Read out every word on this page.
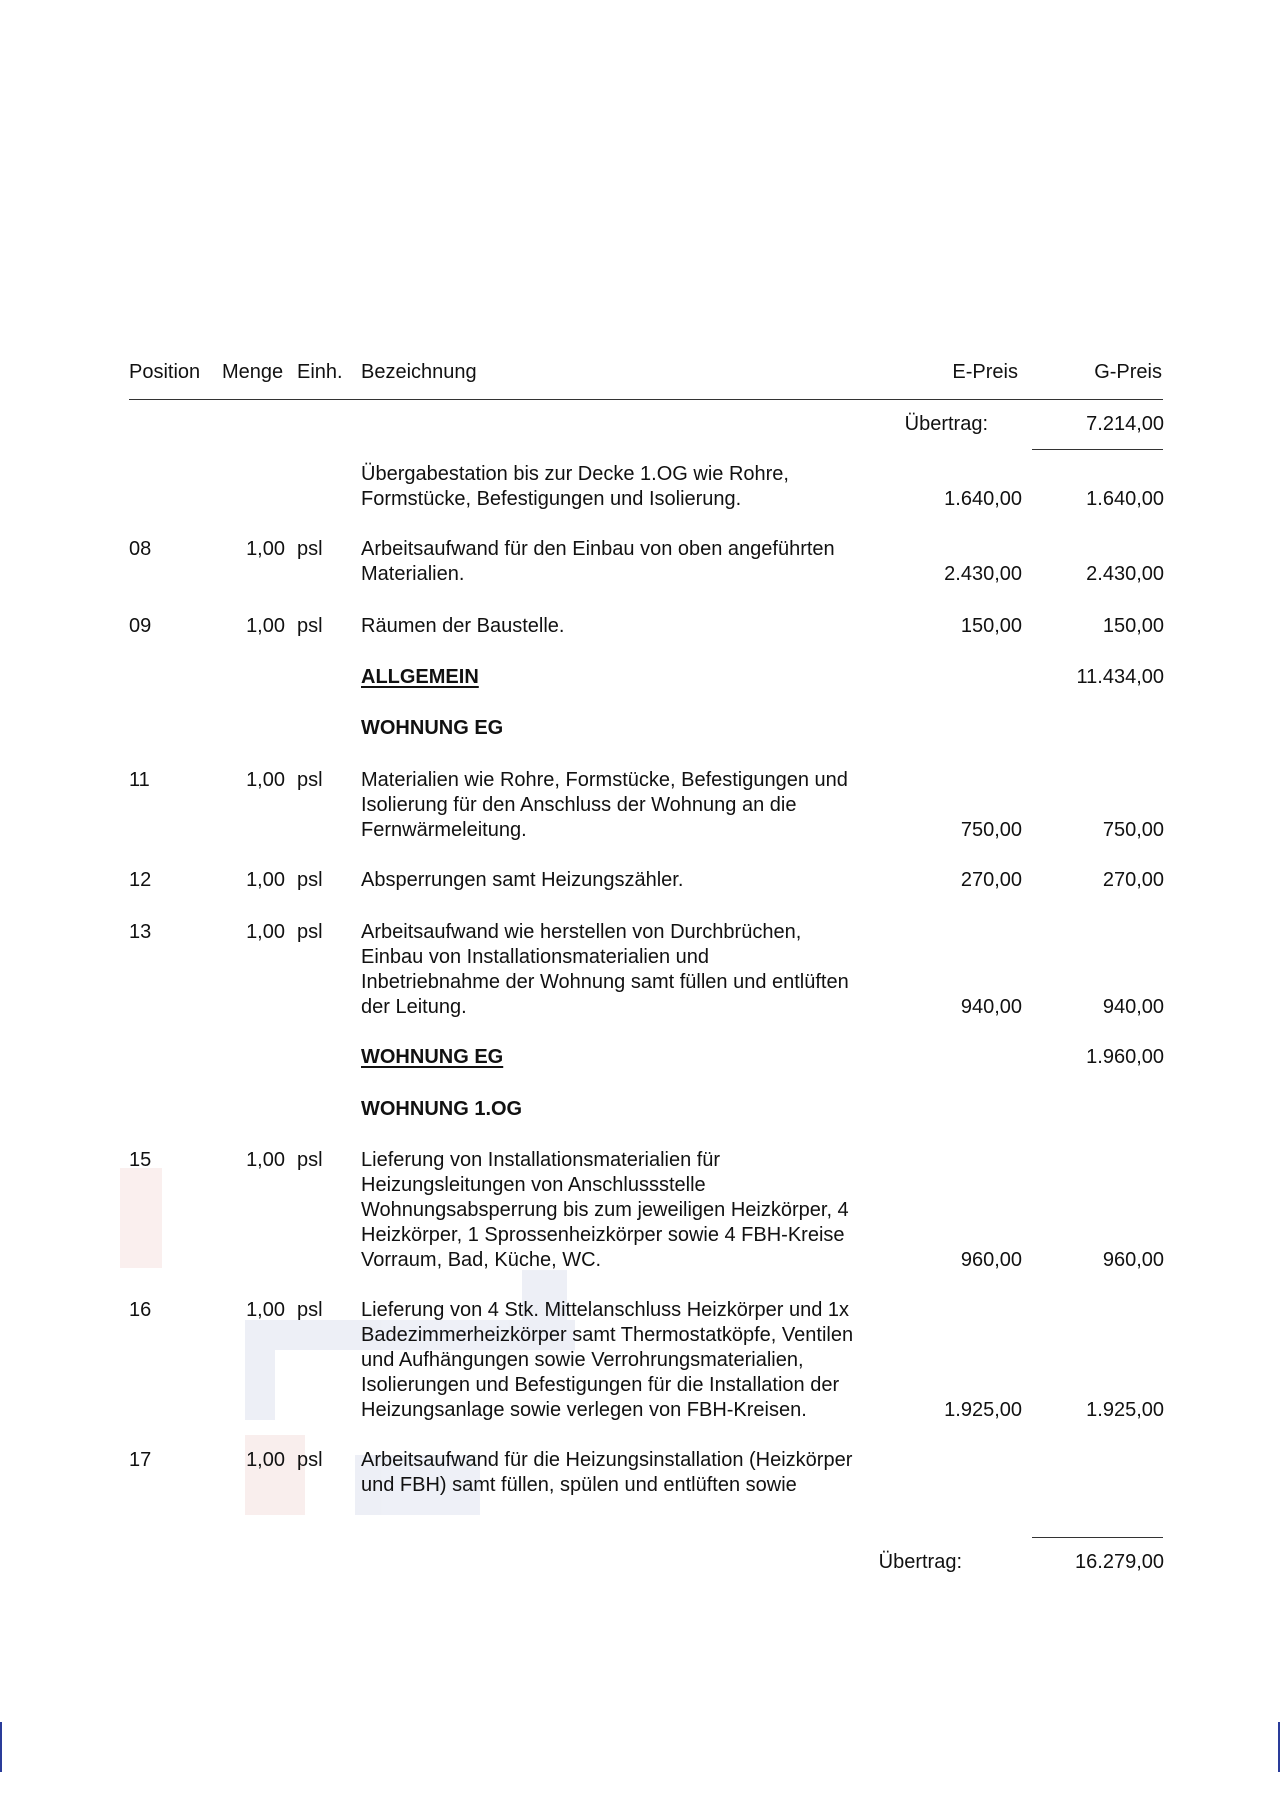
Position Menge Einh. Bezeichnung	E-Preis	G-Preis
Übertrag:	7.214,00
Übergabestation bis zur Decke 1.OG wie Rohre,
Formstücke, Befestigungen und Isolierung.	1.640,00	1.640,00
08	1,00 psl Arbeitsaufwand für den Einbau von oben angeführten
Materialien.	2.430,00	2.430,00
09	1,00 psl Räumen der Baustelle.	150,00	150,00
ALLGEMEIN	11.434,00
WOHNUNG EG
11	1,00 psl Materialien wie Rohre, Formstücke, Befestigungen und
Isolierung für den Anschluss der Wohnung an die
Fernwärmeleitung.	750,00	750,00
12	1,00 psl Absperrungen samt Heizungszähler.	270,00	270,00
13	1,00 psl Arbeitsaufwand wie herstellen von Durchbrüchen,
Einbau von Installationsmaterialien und
Inbetriebnahme der Wohnung samt füllen und entlüften
der Leitung.	940,00	940,00
WOHNUNG EG	1.960,00
WOHNUNG 1.OG
15	1,00 psl Lieferung von Installationsmaterialien für
Heizungsleitungen von Anschlussstelle
Wohnungsabsperrung bis zum jeweiligen Heizkörper, 4
Heizkörper, 1 Sprossenheizkörper sowie 4 FBH-Kreise
Vorraum, Bad, Küche, WC.	960,00	960,00
16	1,00 psl Lieferung von 4 Stk. Mittelanschluss Heizkörper und 1x
Badezimmerheizkörper samt Thermostatköpfe, Ventilen
und Aufhängungen sowie Verrohrungsmaterialien,
Isolierungen und Befestigungen für die Installation der
Heizungsanlage sowie verlegen von FBH-Kreisen.	1.925,00	1.925,00
17	1,00 psl Arbeitsaufwand für die Heizungsinstallation (Heizkörper
und FBH) samt füllen, spülen und entlüften sowie
Übertrag:	16.279,00
